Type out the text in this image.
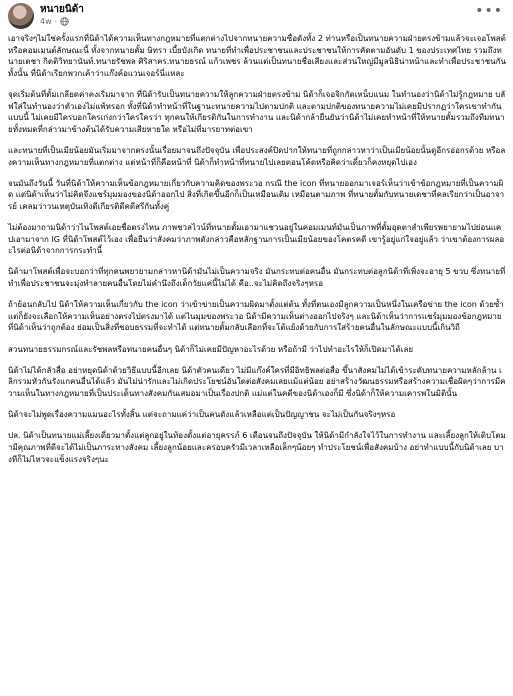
หนายนิด้า
4w ·
•••

เอาจริงๆไม่ใช่ครั้งแรกที่นิด้าได้ความเห็นทางกฎหมายที่แตกต่างไปจากทนายความซื่อดังทั้ง 2 ท่านหรือเป็นทนายความฝ่ายตรงข้ามแล้วจะเจอโพสต์หรือคอมเมนต์ลักษณะนี้ ทั้งจากทนายตั้ม ษิทรา เบี้ยบังเกิด ทนายที่ทำเพื่อประชาชนและประชาชนให้การคัดตามอันดับ 1 ของประเทศไทย รวมถึงทนายเดชา กิตติวิทยานันท์.ทนายรัชพล ศิริสาคร.ทนายธรณ์ แก้วเพชร ล้วนแต่เป็นทนายชื่อเสียงและส่วนใหญ่มีมูลนิธิน่าหน้าและทำเพื่อประชาชนกันทั้งนั้น ที่นิด้าเรียกพวกเค้าว่าแก๊งค์อแวนเจอร์นี่แหละ

จุดเริ่มต้นที่ตั้มเกลียดค่าคงเริ่มมาจาก ที่นิด้ารับเป็นทนายความให้ลูกความฝ่ายตรงข้าม นิด้าก็เจอจิกกัดเหน็บแนม ในทำนองว่านิด้าไม่รู้กฎหมาย บลัฟใส่ในทำนองว่าตัวเองไม่แพ้หรอก ทั้งที่นิด้าทำหน้าที่ในฐานะทนายความไปตามปกติ และตามปกติของทนายความไม่เคยมีปรากฏว่าใครเขาทำกันแบบนี้ ไม่เคยมีใครบอกใครเก่งกว่าใครใครว่า ทุกคนให้เกียรติกันในการทำงาน และนิด้ากล้ายืนยันว่านิด้าไม่เคยทำหน้าที่ให้ทนายตั้มรวมถึงทีมทนายทั้งหมดที่กล่าวมาข้างต้นได้รับความเสียหายใด หรือไม่ที่มารยาทต่อเขา

และทนายที่เป็นเมียน้อยมันเริ่มมาจากตรงนั้นเรื่อยมาจนถึงปัจจุบัน เพื่อประสงค์ปิดปากให้ทนายที่ถูกกล่าวหาว่าเป็นเมียน้อยนั้นดูอีกรอ่อกรด้วย หรือลงความเห็นทางกฎหมายที่แตกต่าง แต่หน้าที่ก็คือหน้าที่ นิด้าก็ทำหน้าที่ทนายไปเลยตอนโค้ดหรือคิดว่าเดี๋ยวก็คงหยุดไปเอง

จนมันถึงวันนี้ วันที่นิด้าให้ความเห็นข้อกฎหมายเกี่ยวกับความคิดของพระวอ กรณี the icon ที่ทนายออกมาเจอร์เห็นว่าเข้าข้อกฎหมายที่เป็นความผิด แต่นิด้าเห็นว่าไม่คิดจึงแชร์มุมมองของนิด้าออกไป สิ่งที่เกิดขึ้นอีกก็เป็นเหมือนเดิม เหมือนตามภาพ ที่ทนายตั้มกับทนายเดชาที่คลเรียกว่าเป็นอาจารย์ เคลมว่าวนเหตุบันเทิงดีเกียรติดีคดีสรีกันทั้งคู่

ไม่ต้องมาถามนิด้าว่าไนโพสต์เอยชื่อตรงไหน ภาพชวลไวน์ที่ทนายตั้มเอามาแชวนอยู่ในคอมเมนท์มันเป็นภาพที่ตั้มอุดตาสำเพียรพยายามไปย่อนแคปเอามาจาก IG ที่นิด้าโพสต์ไว้เอง เพื่อยืนว่าสังคมว่าภาพดังกล่าวคือหลักฐานการเป็นเมียน้อยของโคตรคดี เขารู้อยู่แก่ใจอยู่แล้ว ว่าเขาต้องการผลอะไรต่อนิด้าจากการกระทำนี้

นิด้ามาโพสต์เพื่อจะบอกว่าที่ทุกคนพยายามกล่าวหานิด้ามันไม่เป็นความจริง มันกระทบต่อคนอื่น มันกระทบต่อลูกนิด้าที่เพิ่งจะอายุ 5 ขวบ ซึ่งทนายที่ทำเพื่อประชาชนจะมุ่งทำลายคนอื่นโดยไม่คำนึงถึงเด็กวัยแค่นี้ไม่ได้ คือ..จะไม่คิดถึงจริงๆหรอ

ถ้าย้อนกลับไป นิด้าให้ความเห็นเกี่ยวกับ the icon ว่าเข้าข่ายเป็นความผิดมาตั้งแต่ต้น ทั้งที่ตนเองมีลูกความเป็นหนึ่งในเครือข่าย the icon ด้วยซ้ำ แต่ก็ยังจะเลือกให้ความเห็นอย่างตรงไปตรงมาได้ แต่ไนมุมของพระวอ นิด้ามีความเห็นต่างออกไปจริงๆ และนิด้าเห็นว่าการแชร์มุมมองข้อกฎหมายที่นิด้าเห็นว่าถูกต้อง ย่อมเป็นสิ่งที่ชอบธรรมที่จะทำได้ แต่ทนายตั้มกลับเลือกที่จะโต้แย้งด้วยกับการใส่ร้ายคนอื่นในลักษณะแบบนี้เกินวิถี

สวนทนายธรรมกรณ์และรัชพลหรือทนายคนอื่นๆ นิด้าก็ไม่เคยมีปัญหาอะไรด้วย หรือถ้ามี ว่าไปทำอะไรให้ก็เปิดมาได้เลย

นิด้าไม่ได้กลัวสื่อ อย่าหยุดนิด้าด้วยวิธีแบบนี้อีกเลย นิด้าตัวคนเดียว ไม่มีแก๊งค์ใครที่มีอิทธิพลต่อสื่อ ขึ้นาสังคมไม่ได้เข้าระดับทนายความหลักล้าน เลิกรวมหัวกันรังแกคนอื่นได้แล้ว มันไม่น่ารักและไม่เกิดประโยชน์อันใดต่อสังคมเลยแม้แต่น้อย อย่าสร้างวัฒนธรรมหรือสร้างความเชื่อผิดๆว่าการมีความเห็นในทางกฎหมายที่เป็นประเด็นทางสังคมกันเสมอมาเป็นเรื่องปกติ แม่แต่ในคดีของนิด้าเองก็มี ซึ่งนิด้าก็ให้ความเคารพในมิตินั้น

นิด้าจะไม่พูดเรื่องความแมนอะไรทั้งสิ้น แต่จะถามแค่ว่าเป็นคนดังแล้วเหลือแต่เป็นปัญญาชน จะไม่เป็นกันจริงๆหรอ

ปล. นิด้าเป็นทนายแม่เลี้ยงเดี่ยวมาตั้งแต่ลูกอยู่ในท้องตั้งแต่อายุครรภ์ 6 เดือนจนถึงปัจจุบัน ให้นิด้ามีกำลังใจไว้ในการทำงาน และเลี้ยงลูกให้เติบโตมามีคุณภาพที่ดีจะได้ไม่เป็นภาระทางสังคม เลี้ยงลูกน้อยและครอบครัวมีเวลาเหลือเล็กๆน้อยๆ ทำประโยชน์เพื่อสังคมบ้าง อย่าทำแบบนี้กับนิด้าเลย บางทีก็ไม่ไหวจะแข็งแรงจริงๆนะ
